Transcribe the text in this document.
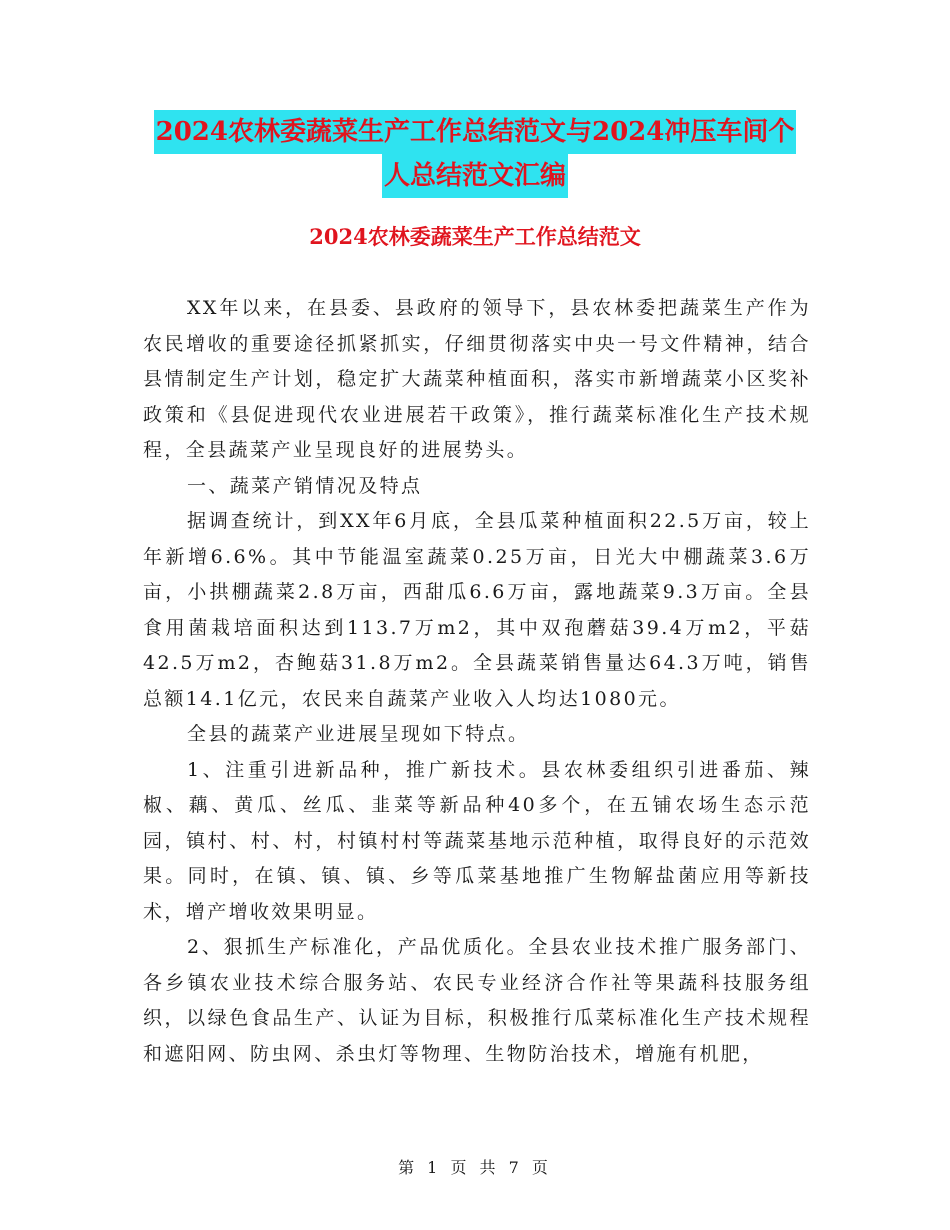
2024农林委蔬菜生产工作总结范文与2024冲压车间个
人总结范文汇编
2024农林委蔬菜生产工作总结范文

XX年以来，在县委、县政府的领导下，县农林委把蔬菜生产作为农民增收的重要途径抓紧抓实，仔细贯彻落实中央一号文件精神，结合县情制定生产计划，稳定扩大蔬菜种植面积，落实市新增蔬菜小区奖补政策和《县促进现代农业进展若干政策》，推行蔬菜标准化生产技术规程，全县蔬菜产业呈现良好的进展势头。

一、蔬菜产销情况及特点

据调查统计，到XX年6月底，全县瓜菜种植面积22.5万亩，较上年新增6.6%。其中节能温室蔬菜0.25万亩，日光大中棚蔬菜3.6万亩，小拱棚蔬菜2.8万亩，西甜瓜6.6万亩，露地蔬菜9.3万亩。全县食用菌栽培面积达到113.7万m2，其中双孢蘑菇39.4万m2，平菇42.5万m2，杏鲍菇31.8万m2。全县蔬菜销售量达64.3万吨，销售总额14.1亿元，农民来自蔬菜产业收入人均达1080元。

全县的蔬菜产业进展呈现如下特点。

1、注重引进新品种，推广新技术。县农林委组织引进番茄、辣椒、藕、黄瓜、丝瓜、韭菜等新品种40多个，在五铺农场生态示范园，镇村、村、村，村镇村村等蔬菜基地示范种植，取得良好的示范效果。同时，在镇、镇、镇、乡等瓜菜基地推广生物解盐菌应用等新技术，增产增收效果明显。

2、狠抓生产标准化，产品优质化。全县农业技术推广服务部门、各乡镇农业技术综合服务站、农民专业经济合作社等果蔬科技服务组织，以绿色食品生产、认证为目标，积极推行瓜菜标准化生产技术规程和遮阳网、防虫网、杀虫灯等物理、生物防治技术，增施有机肥，

第 1 页 共 7 页
